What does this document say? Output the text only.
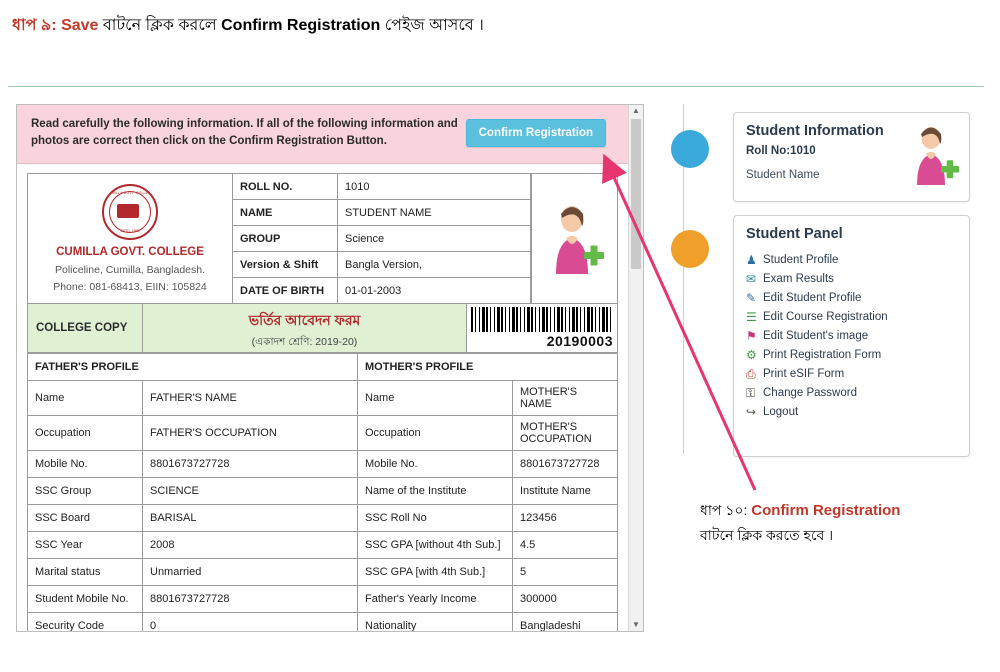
ধাপ ৯: Save বাটনে ক্লিক করলে Confirm Registration পেইজ আসবে ।
Read carefully the following information. If all of the following information and photos are correct then click on the Confirm Registration Button.
Confirm Registration
CUMILLA GOVT. COLLEGE
ESTD. 1899
CUMILLA GOVT. COLLEGE
Policeline, Cumilla, Bangladesh.
Phone: 081-68413, EIIN: 105824
ROLL NO.	1010
NAME	STUDENT NAME
GROUP	Science
Version & Shift	Bangla Version,
DATE OF BIRTH	01-01-2003
COLLEGE COPY	ভর্তির আবেদন ফরম
(একাদশ শ্রেণি: 2019-20)	20190003
FATHER'S PROFILE		MOTHER'S PROFILE	
Name	FATHER'S NAME	Name	MOTHER'S NAME
Occupation	FATHER'S OCCUPATION	Occupation	MOTHER'S OCCUPATION
Mobile No.	8801673727728	Mobile No.	8801673727728
SSC Group	SCIENCE	Name of the Institute	Institute Name
SSC Board	BARISAL	SSC Roll No	123456
SSC Year	2008	SSC GPA [without 4th Sub.]	4.5
Marital status	Unmarried	SSC GPA [with 4th Sub.]	5
Student Mobile No.	8801673727728	Father's Yearly Income	300000
Security Code	0	Nationality	Bangladeshi
▲
▼
Student Information
Roll No:1010
Student Name
Student Panel
♟ Student Profile
✉ Exam Results
✎ Edit Student Profile
☰ Edit Course Registration
⚑ Edit Student's image
⚙ Print Registration Form
⎙ Print eSIF Form
⚿ Change Password
↪ Logout
ধাপ ১০: Confirm Registration
বাটনে ক্লিক করতে হবে ।
